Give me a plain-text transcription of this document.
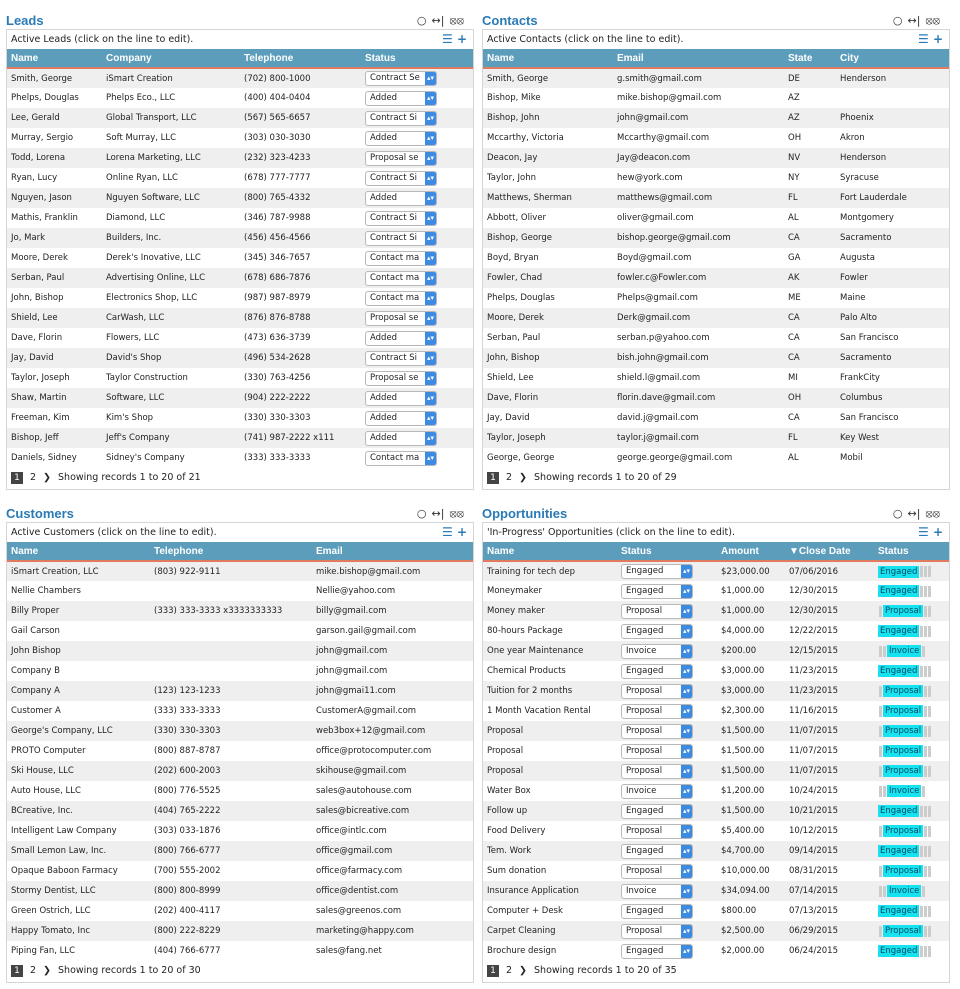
Leads	○ ↔| ⦻⦻
Active Leads (click on the line to edit).	☰ +
Name	Company	Telephone	Status
Smith, George	iSmart Creation	(702) 800-1000	Contract Se ▴▾

Phelps, Douglas	Phelps Eco., LLC	(400) 404-0404	Added ▴▾

Lee, Gerald	Global Transport, LLC	(567) 565-6657	Contract Si ▴▾

Murray, Sergio	Soft Murray, LLC	(303) 030-3030	Added ▴▾

Todd, Lorena	Lorena Marketing, LLC	(232) 323-4233	Proposal se ▴▾

Ryan, Lucy	Online Ryan, LLC	(678) 777-7777	Contract Si ▴▾

Nguyen, Jason	Nguyen Software, LLC	(800) 765-4332	Added ▴▾

Mathis, Franklin	Diamond, LLC	(346) 787-9988	Contract Si ▴▾

Jo, Mark	Builders, Inc.	(456) 456-4566	Contract Si ▴▾

Moore, Derek	Derek's Inovative, LLC	(345) 346-7657	Contact ma ▴▾

Serban, Paul	Advertising Online, LLC	(678) 686-7876	Contact ma ▴▾

John, Bishop	Electronics Shop, LLC	(987) 987-8979	Contact ma ▴▾

Shield, Lee	CarWash, LLC	(876) 876-8788	Proposal se ▴▾

Dave, Florin	Flowers, LLC	(473) 636-3739	Added ▴▾

Jay, David	David's Shop	(496) 534-2628	Contract Si ▴▾

Taylor, Joseph	Taylor Construction	(330) 763-4256	Proposal se ▴▾

Shaw, Martin	Software, LLC	(904) 222-2222	Added ▴▾

Freeman, Kim	Kim's Shop	(330) 330-3303	Added ▴▾

Bishop, Jeff	Jeff's Company	(741) 987-2222 x111	Added ▴▾

Daniels, Sidney	Sidney's Company	(333) 333-3333	Contact ma ▴▾
1	2 ❯ Showing records 1 to 20 of 21
Contacts	○ ↔| ⦻⦻
Active Contacts (click on the line to edit).	☰ +
Name	Email	State	City
Smith, George	g.smith@gmail.com	DE	Henderson
Bishop, Mike	mike.bishop@gmail.com	AZ	
Bishop, John	john@gmail.com	AZ	Phoenix
Mccarthy, Victoria	Mccarthy@gmail.com	OH	Akron
Deacon, Jay	Jay@deacon.com	NV	Henderson
Taylor, John	hew@york.com	NY	Syracuse
Matthews, Sherman	matthews@gmail.com	FL	Fort Lauderdale
Abbott, Oliver	oliver@gmail.com	AL	Montgomery
Bishop, George	bishop.george@gmail.com	CA	Sacramento
Boyd, Bryan	Boyd@gmail.com	GA	Augusta
Fowler, Chad	fowler.c@Fowler.com	AK	Fowler
Phelps, Douglas	Phelps@gmail.com	ME	Maine
Moore, Derek	Derk@gmail.com	CA	Palo Alto
Serban, Paul	serban.p@yahoo.com	CA	San Francisco
John, Bishop	bish.john@gmail.com	CA	Sacramento
Shield, Lee	shield.l@gmail.com	MI	FrankCity
Dave, Florin	florin.dave@gmail.com	OH	Columbus
Jay, David	david.j@gmail.com	CA	San Francisco
Taylor, Joseph	taylor.j@gmail.com	FL	Key West
George, George	george.george@gmail.com	AL	Mobil
1	2 ❯ Showing records 1 to 20 of 29
Customers	○ ↔| ⦻⦻
Active Customers (click on the line to edit).	☰ +
Name	Telephone	Email
iSmart Creation, LLC	(803) 922-9111	mike.bishop@gmail.com
Nellie Chambers		Nellie@yahoo.com
Billy Proper	(333) 333-3333 x3333333333	billy@gmail.com
Gail Carson		garson.gail@gmail.com
John Bishop		john@gmail.com
Company B		john@gmail.com
Company A	(123) 123-1233	john@gmai11.com
Customer A	(333) 333-3333	CustomerA@gmail.com
George's Company, LLC	(330) 330-3303	web3box+12@gmail.com
PROTO Computer	(800) 887-8787	office@protocomputer.com
Ski House, LLC	(202) 600-2003	skihouse@gmail.com
Auto House, LLC	(800) 776-5525	sales@autohouse.com
BCreative, Inc.	(404) 765-2222	sales@bicreative.com
Intelligent Law Company	(303) 033-1876	office@intlc.com
Small Lemon Law, Inc.	(800) 766-6777	office@gmail.com
Opaque Baboon Farmacy	(700) 555-2002	office@farmacy.com
Stormy Dentist, LLC	(800) 800-8999	office@dentist.com
Green Ostrich, LLC	(202) 400-4117	sales@greenos.com
Happy Tomato, Inc	(800) 222-8229	marketing@happy.com
Piping Fan, LLC	(404) 766-6777	sales@fang.net
1	2 ❯ Showing records 1 to 20 of 30
Opportunities	○ ↔| ⦻⦻
'In-Progress' Opportunities (click on the line to edit).	☰ +
Name	Status	Amount	▼Close Date	Status
Training for tech dep	Engaged ▴▾	$23,000.00	07/06/2016	Engaged
Moneymaker	Engaged ▴▾	$1,000.00	12/30/2015	Engaged
Money maker	Proposal ▴▾	$1,000.00	12/30/2015	Proposal
80-hours Package	Engaged ▴▾	$4,000.00	12/22/2015	Engaged
One year Maintenance	Invoice ▴▾	$200.00	12/15/2015	Invoice
Chemical Products	Engaged ▴▾	$3,000.00	11/23/2015	Engaged
Tuition for 2 months	Proposal ▴▾	$3,000.00	11/23/2015	Proposal
1 Month Vacation Rental	Proposal ▴▾	$2,300.00	11/16/2015	Proposal
Proposal	Proposal ▴▾	$1,500.00	11/07/2015	Proposal
Proposal	Proposal ▴▾	$1,500.00	11/07/2015	Proposal
Proposal	Proposal ▴▾	$1,500.00	11/07/2015	Proposal
Water Box	Invoice ▴▾	$1,200.00	10/24/2015	Invoice
Follow up	Engaged ▴▾	$1,500.00	10/21/2015	Engaged
Food Delivery	Proposal ▴▾	$5,400.00	10/12/2015	Proposal
Tem. Work	Engaged ▴▾	$4,700.00	09/14/2015	Engaged
Sum donation	Proposal ▴▾	$10,000.00	08/31/2015	Proposal
Insurance Application	Invoice ▴▾	$34,094.00	07/14/2015	Invoice
Computer + Desk	Engaged ▴▾	$800.00	07/13/2015	Engaged
Carpet Cleaning	Proposal ▴▾	$2,500.00	06/29/2015	Proposal
Brochure design	Engaged ▴▾	$2,000.00	06/24/2015	Engaged
1	2 ❯ Showing records 1 to 20 of 35
